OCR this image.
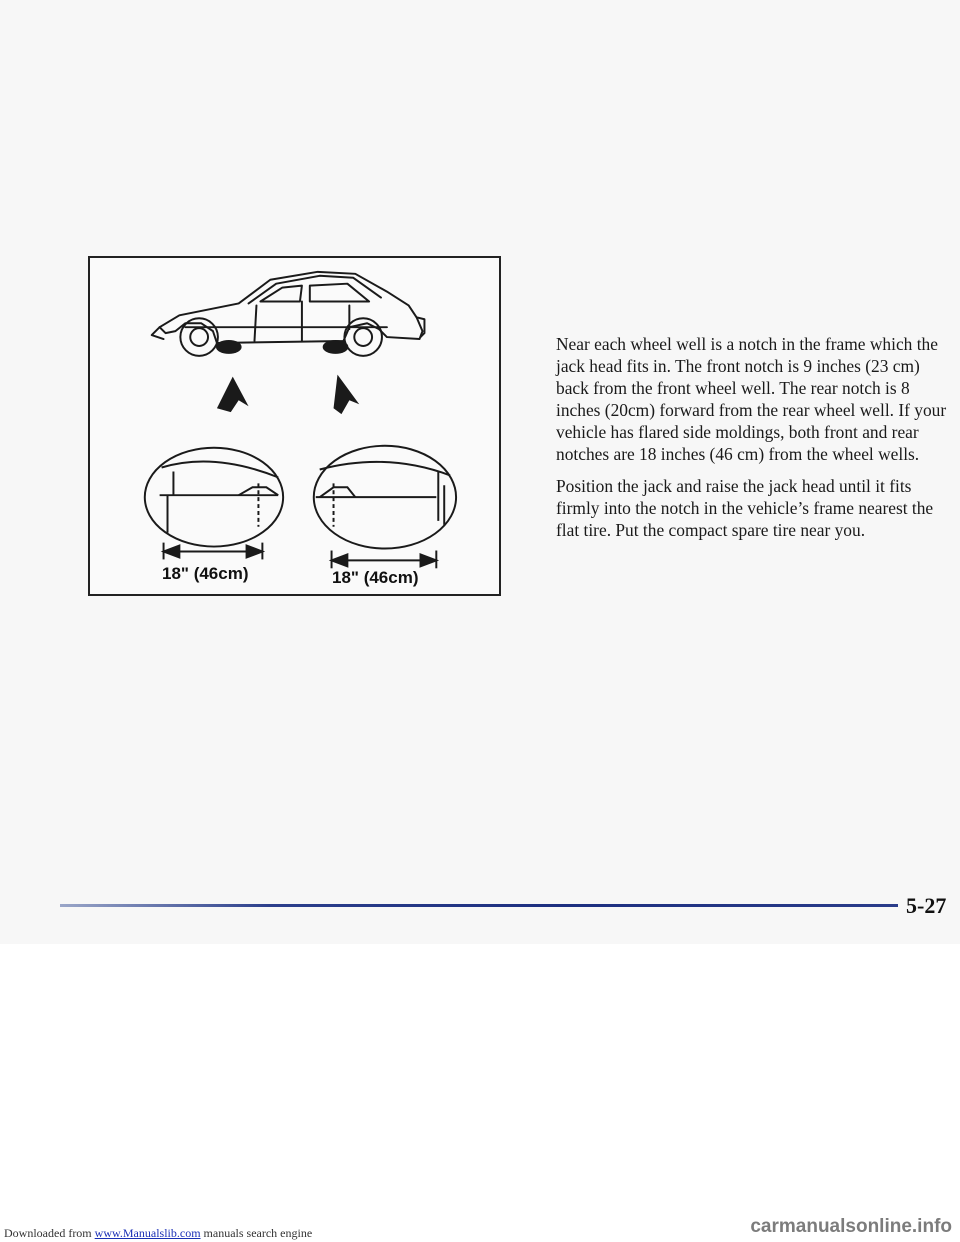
18" (46cm)	18" (46cm)

Near each wheel well is a notch in the frame which the jack head fits in. The front notch is 9 inches (23 cm) back from the front wheel well. The rear notch is 8 inches (20cm) forward from the rear wheel well. If your vehicle has flared side moldings, both front and rear notches are 18 inches (46 cm) from the wheel wells.

Position the jack and raise the jack head until it fits firmly into the notch in the vehicle’s frame nearest the flat tire. Put the compact spare tire near you.

5-27
Downloaded from www.Manualslib.com manuals search engine	carmanualsonline.info
